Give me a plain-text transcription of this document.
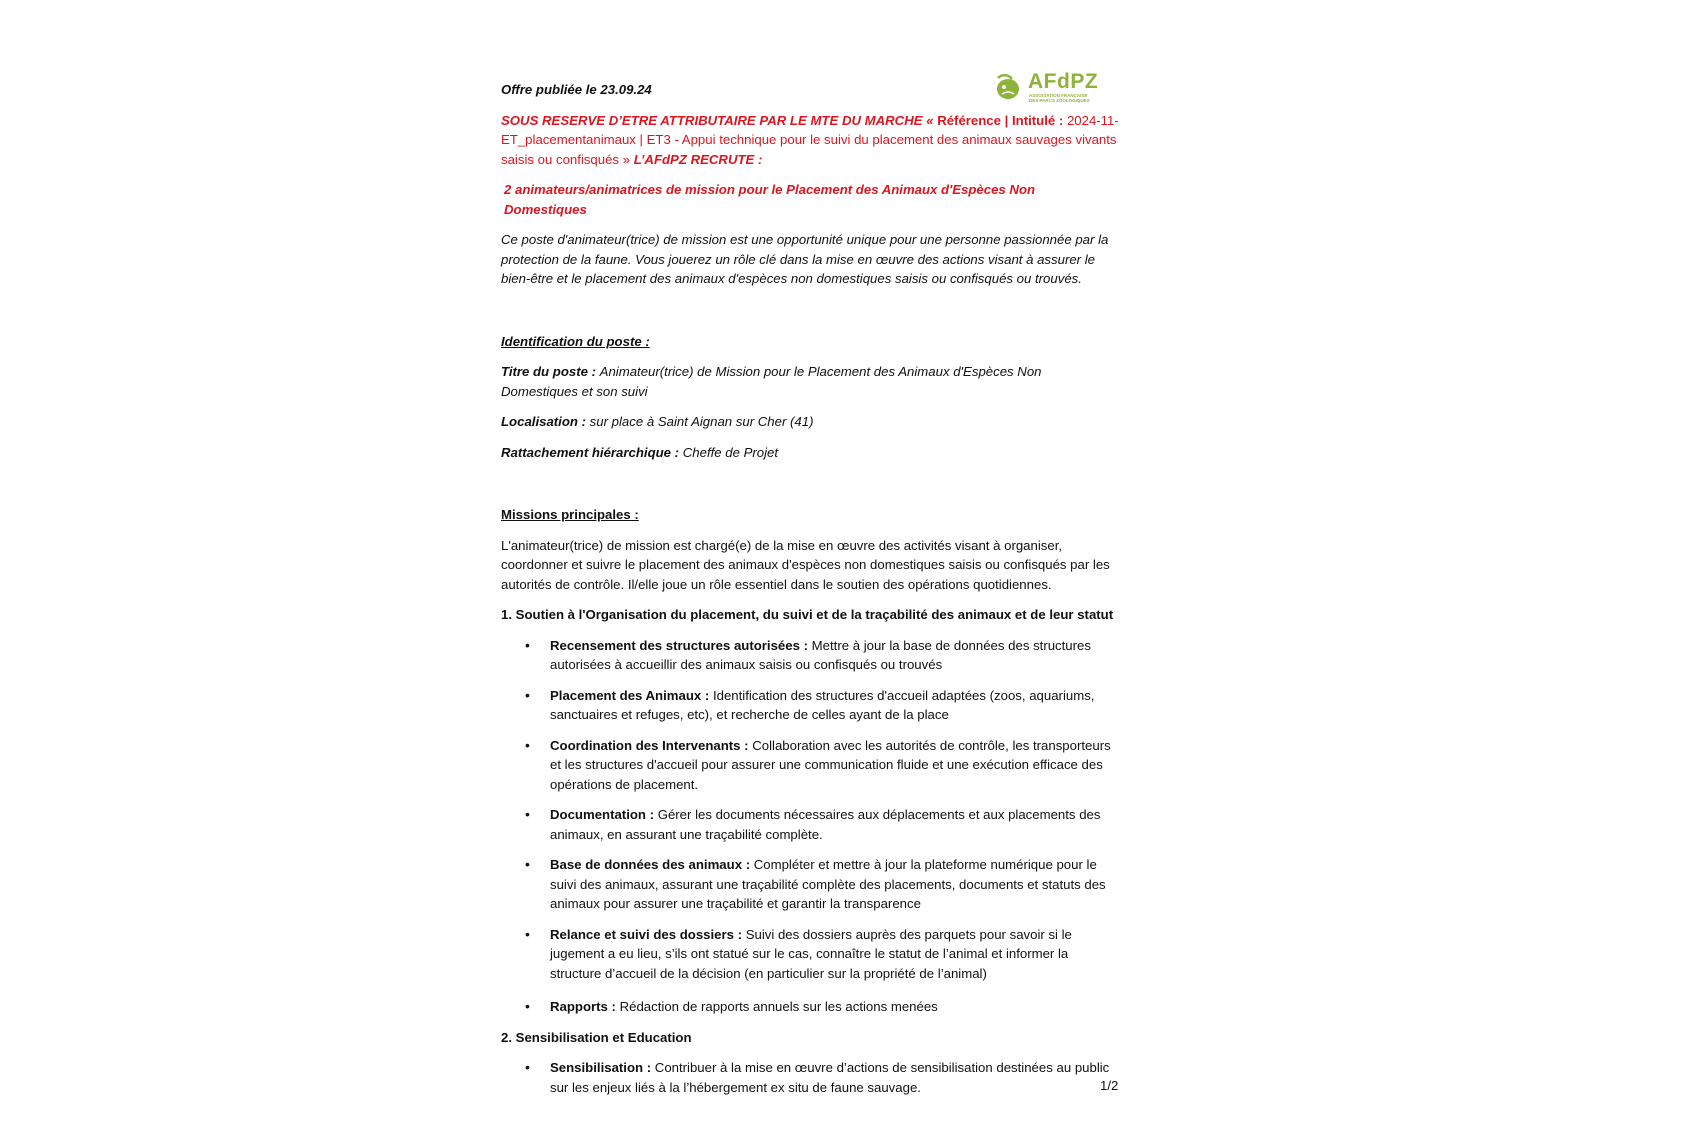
AFdPZ
ASSOCIATION FRANÇAISE DES PARCS ZOOLOGIQUES

Offre publiée le 23.09.24

SOUS RESERVE D’ETRE ATTRIBUTAIRE PAR LE MTE DU MARCHE « Référence | Intitulé : 2024-11-ET_placementanimaux | ET3 - Appui technique pour le suivi du placement des animaux sauvages vivants saisis ou confisqués » L’AFdPZ RECRUTE :

2 animateurs/animatrices de mission pour le Placement des Animaux d'Espèces Non Domestiques

Ce poste d'animateur(trice) de mission est une opportunité unique pour une personne passionnée par la protection de la faune. Vous jouerez un rôle clé dans la mise en œuvre des actions visant à assurer le bien-être et le placement des animaux d'espèces non domestiques saisis ou confisqués ou trouvés.

Identification du poste :

Titre du poste : Animateur(trice) de Mission pour le Placement des Animaux d'Espèces Non Domestiques et son suivi

Localisation : sur place à Saint Aignan sur Cher (41)

Rattachement hiérarchique : Cheffe de Projet

Missions principales :

L'animateur(trice) de mission est chargé(e) de la mise en œuvre des activités visant à organiser, coordonner et suivre le placement des animaux d'espèces non domestiques saisis ou confisqués par les autorités de contrôle. Il/elle joue un rôle essentiel dans le soutien des opérations quotidiennes.

1. Soutien à l'Organisation du placement, du suivi et de la traçabilité des animaux et de leur statut

• Recensement des structures autorisées : Mettre à jour la base de données des structures autorisées à accueillir des animaux saisis ou confisqués ou trouvés
• Placement des Animaux : Identification des structures d'accueil adaptées (zoos, aquariums, sanctuaires et refuges, etc), et recherche de celles ayant de la place
• Coordination des Intervenants : Collaboration avec les autorités de contrôle, les transporteurs et les structures d'accueil pour assurer une communication fluide et une exécution efficace des opérations de placement.
• Documentation : Gérer les documents nécessaires aux déplacements et aux placements des animaux, en assurant une traçabilité complète.
• Base de données des animaux : Compléter et mettre à jour la plateforme numérique pour le suivi des animaux, assurant une traçabilité complète des placements, documents et statuts des animaux pour assurer une traçabilité et garantir la transparence
• Relance et suivi des dossiers : Suivi des dossiers auprès des parquets pour savoir si le jugement a eu lieu, s’ils ont statué sur le cas, connaître le statut de l’animal et informer la structure d’accueil de la décision (en particulier sur la propriété de l’animal)
• Rapports : Rédaction de rapports annuels sur les actions menées

2. Sensibilisation et Education

• Sensibilisation : Contribuer à la mise en œuvre d’actions de sensibilisation destinées au public sur les enjeux liés à la l’hébergement ex situ de faune sauvage.	1/2
